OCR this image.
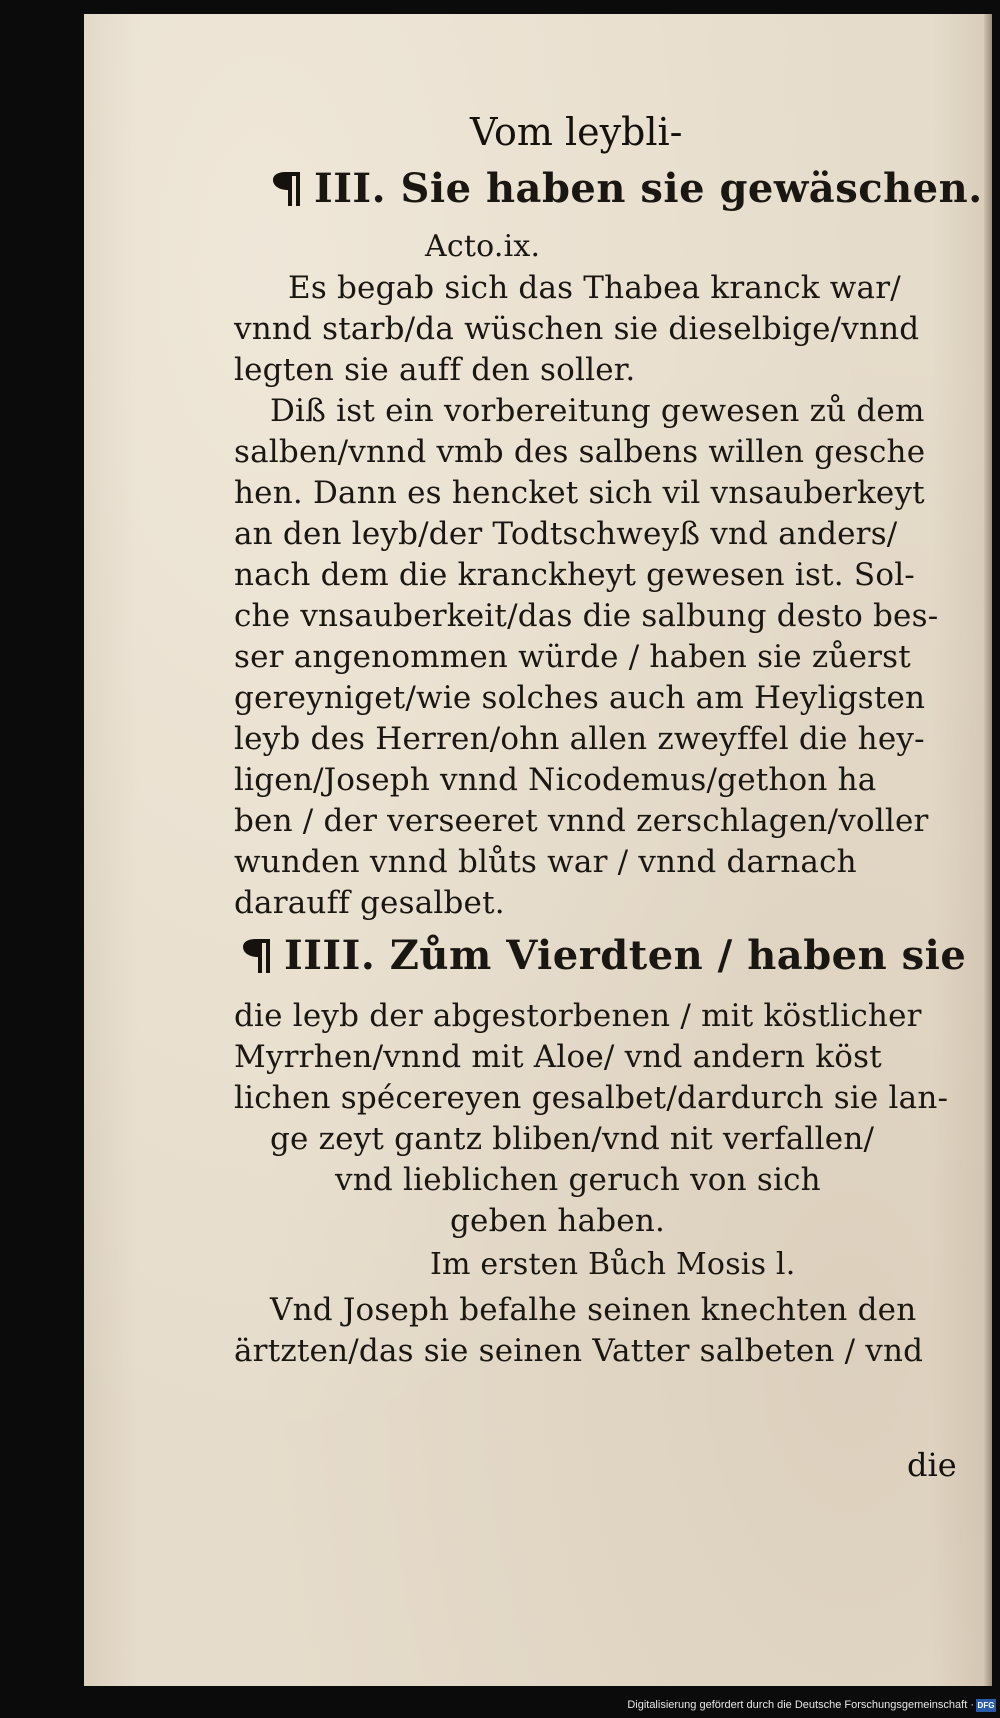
Vom leybli-
III. Sie haben sie gewäschen.
Acto.ix.
Es begab sich das Thabea kranck war/
vnnd starb/da wüschen sie dieselbige/vnnd
legten sie auff den soller.
Diß ist ein vorbereitung gewesen zů dem
salben/vnnd vmb des salbens willen gesche
hen. Dann es hencket sich vil vnsauberkeyt
an den leyb/der Todtschweyß vnd anders/
nach dem die kranckheyt gewesen ist. Sol-
che vnsauberkeit/das die salbung desto bes-
ser angenommen würde / haben sie zůerst
gereyniget/wie solches auch am Heyligsten
leyb des Herren/ohn allen zweyffel die hey-
ligen/Joseph vnnd Nicodemus/gethon ha
ben / der verseeret vnnd zerschlagen/voller
wunden vnnd blůts war / vnnd darnach
darauff gesalbet.
IIII. Zům Vierdten / haben sie
die leyb der abgestorbenen / mit köstlicher
Myrrhen/vnnd mit Aloe/ vnd andern köst
lichen spécereyen gesalbet/dardurch sie lan-
ge zeyt gantz bliben/vnd nit verfallen/
vnd lieblichen geruch von sich
geben haben.
Im ersten Bůch Mosis l.
Vnd Joseph befalhe seinen knechten den
ärtzten/das sie seinen Vatter salbeten / vnd
die
Digitalisierung gefördert durch die Deutsche Forschungsgemeinschaft · DFG
